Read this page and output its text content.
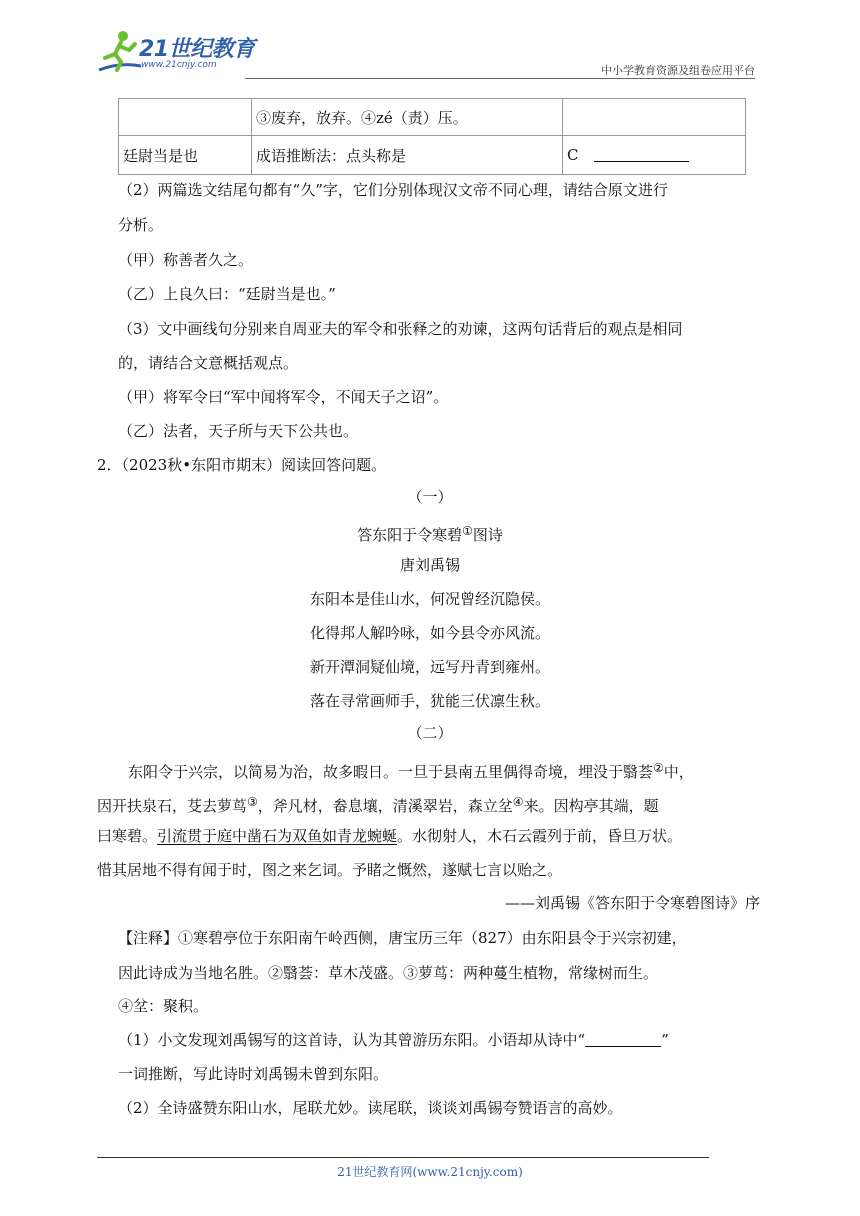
21世纪教育
www.21cnjy.com	中小学教育资源及组卷应用平台
	③废弃，放弃。④zé（责）压。	
廷尉当是也	成语推断法：点头称是	C
（2）两篇选文结尾句都有“久”字，它们分别体现汉文帝不同心理，请结合原文进行
分析。
（甲）称善者久之。
（乙）上良久曰：“廷尉当是也。”
（3）文中画线句分别来自周亚夫的军令和张释之的劝谏，这两句话背后的观点是相同
的，请结合文意概括观点。
（甲）将军令曰“军中闻将军令，不闻天子之诏”。
（乙）法者，天子所与天下公共也。
2．（2023秋•东阳市期末）阅读回答问题。
（一）
答东阳于令寒碧①图诗
唐刘禹锡
东阳本是佳山水，何况曾经沉隐侯。
化得邦人解吟咏，如今县令亦风流。
新开潭洞疑仙境，远写丹青到雍州。
落在寻常画师手，犹能三伏凛生秋。
（二）
东阳令于兴宗，以简易为治，故多暇日。一旦于县南五里偶得奇境，埋没于翳荟②中，
因开扶泉石，芟去萝茑③，斧凡材，畚息壤，清溪翠岩，森立坌④来。因构亭其端，题
曰寒碧。引流贯于庭中凿石为双鱼如青龙蜿蜒。水彻射人，木石云霞列于前，昏旦万状。
惜其居地不得有闻于时，图之来乞词。予睹之慨然，遂赋七言以贻之。
——刘禹锡《答东阳于令寒碧图诗》序
【注释】①寒碧亭位于东阳南午岭西侧，唐宝历三年（827）由东阳县令于兴宗初建，
因此诗成为当地名胜。②翳荟：草木茂盛。③萝茑：两种蔓生植物，常缘树而生。
④坌：聚积。
（1）小文发现刘禹锡写的这首诗，认为其曾游历东阳。小语却从诗中“	”
一词推断，写此诗时刘禹锡未曾到东阳。
（2）全诗盛赞东阳山水，尾联尤妙。读尾联，谈谈刘禹锡夸赞语言的高妙。
21世纪教育网(www.21cnjy.com)
